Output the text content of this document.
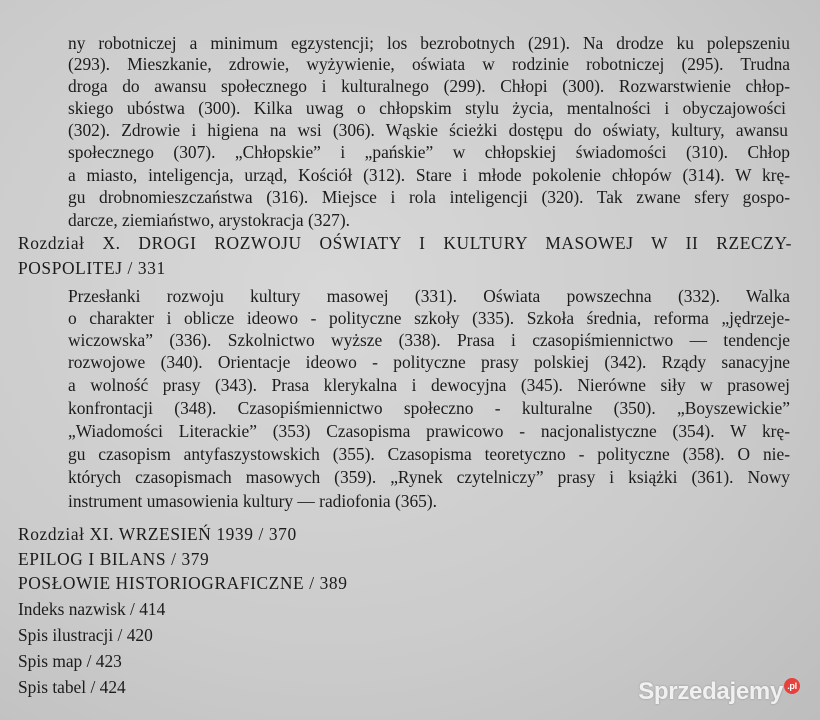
ny robotniczej a minimum egzystencji; los bezrobotnych (291). Na drodze ku polepszeniu
(293). Mieszkanie, zdrowie, wyżywienie, oświata w rodzinie robotniczej (295). Trudna
droga do awansu społecznego i kulturalnego (299). Chłopi (300). Rozwarstwienie chłop-
skiego ubóstwa (300). Kilka uwag o chłopskim stylu życia, mentalności i obyczajowości
(302). Zdrowie i higiena na wsi (306). Wąskie ścieżki dostępu do oświaty, kultury, awansu
społecznego (307). „Chłopskie” i „pańskie” w chłopskiej świadomości (310). Chłop
a miasto, inteligencja, urząd, Kościół (312). Stare i młode pokolenie chłopów (314). W krę-
gu drobnomieszczaństwa (316). Miejsce i rola inteligencji (320). Tak zwane sfery gospo-
darcze, ziemiaństwo, arystokracja (327).
Rozdział X. DROGI ROZWOJU OŚWIATY I KULTURY MASOWEJ W II RZECZY-
POSPOLITEJ / 331
Przesłanki rozwoju kultury masowej (331). Oświata powszechna (332). Walka
o charakter i oblicze ideowo - polityczne szkoły (335). Szkoła średnia, reforma „jędrzeje-
wiczowska” (336). Szkolnictwo wyższe (338). Prasa i czasopiśmiennictwo — tendencje
rozwojowe (340). Orientacje ideowo - polityczne prasy polskiej (342). Rządy sanacyjne
a wolność prasy (343). Prasa klerykalna i dewocyjna (345). Nierówne siły w prasowej
konfrontacji (348). Czasopiśmiennictwo społeczno - kulturalne (350). „Boyszewickie”
„Wiadomości Literackie” (353) Czasopisma prawicowo - nacjonalistyczne (354). W krę-
gu czasopism antyfaszystowskich (355). Czasopisma teoretyczno - polityczne (358). O nie-
których czasopismach masowych (359). „Rynek czytelniczy” prasy i książki (361). Nowy
instrument umasowienia kultury — radiofonia (365).
Rozdział XI. WRZESIEŃ 1939 / 370
EPILOG I BILANS / 379
POSŁOWIE HISTORIOGRAFICZNE / 389
Indeks nazwisk / 414
Spis ilustracji / 420
Spis map / 423
Spis tabel / 424	Sprzedajemy .pl
